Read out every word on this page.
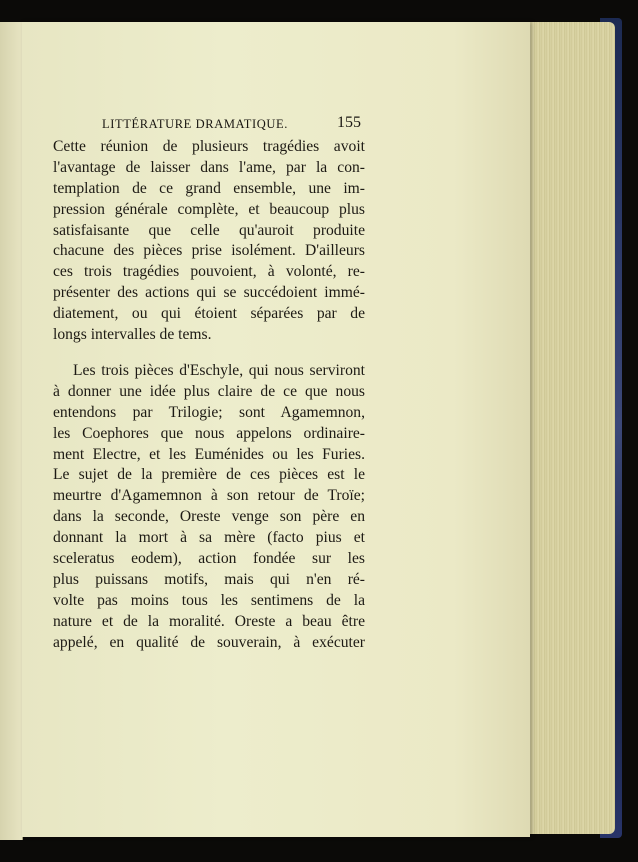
LITTÉRATURE DRAMATIQUE.	155
Cette réunion de plusieurs tragédies avoit
l'avantage de laisser dans l'ame, par la con-
templation de ce grand ensemble, une im-
pression générale complète, et beaucoup plus
satisfaisante que celle qu'auroit produite
chacune des pièces prise isolément. D'ailleurs
ces trois tragédies pouvoient, à volonté, re-
présenter des actions qui se succédoient immé-
diatement, ou qui étoient séparées par de
longs intervalles de tems.
Les trois pièces d'Eschyle, qui nous serviront
à donner une idée plus claire de ce que nous
entendons par Trilogie; sont Agamemnon,
les Coephores que nous appelons ordinaire-
ment Electre, et les Euménides ou les Furies.
Le sujet de la première de ces pièces est le
meurtre d'Agamemnon à son retour de Troïe;
dans la seconde, Oreste venge son père en
donnant la mort à sa mère (facto pius et
sceleratus eodem), action fondée sur les
plus puissans motifs, mais qui n'en ré-
volte pas moins tous les sentimens de la
nature et de la moralité. Oreste a beau être
appelé, en qualité de souverain, à exécuter
